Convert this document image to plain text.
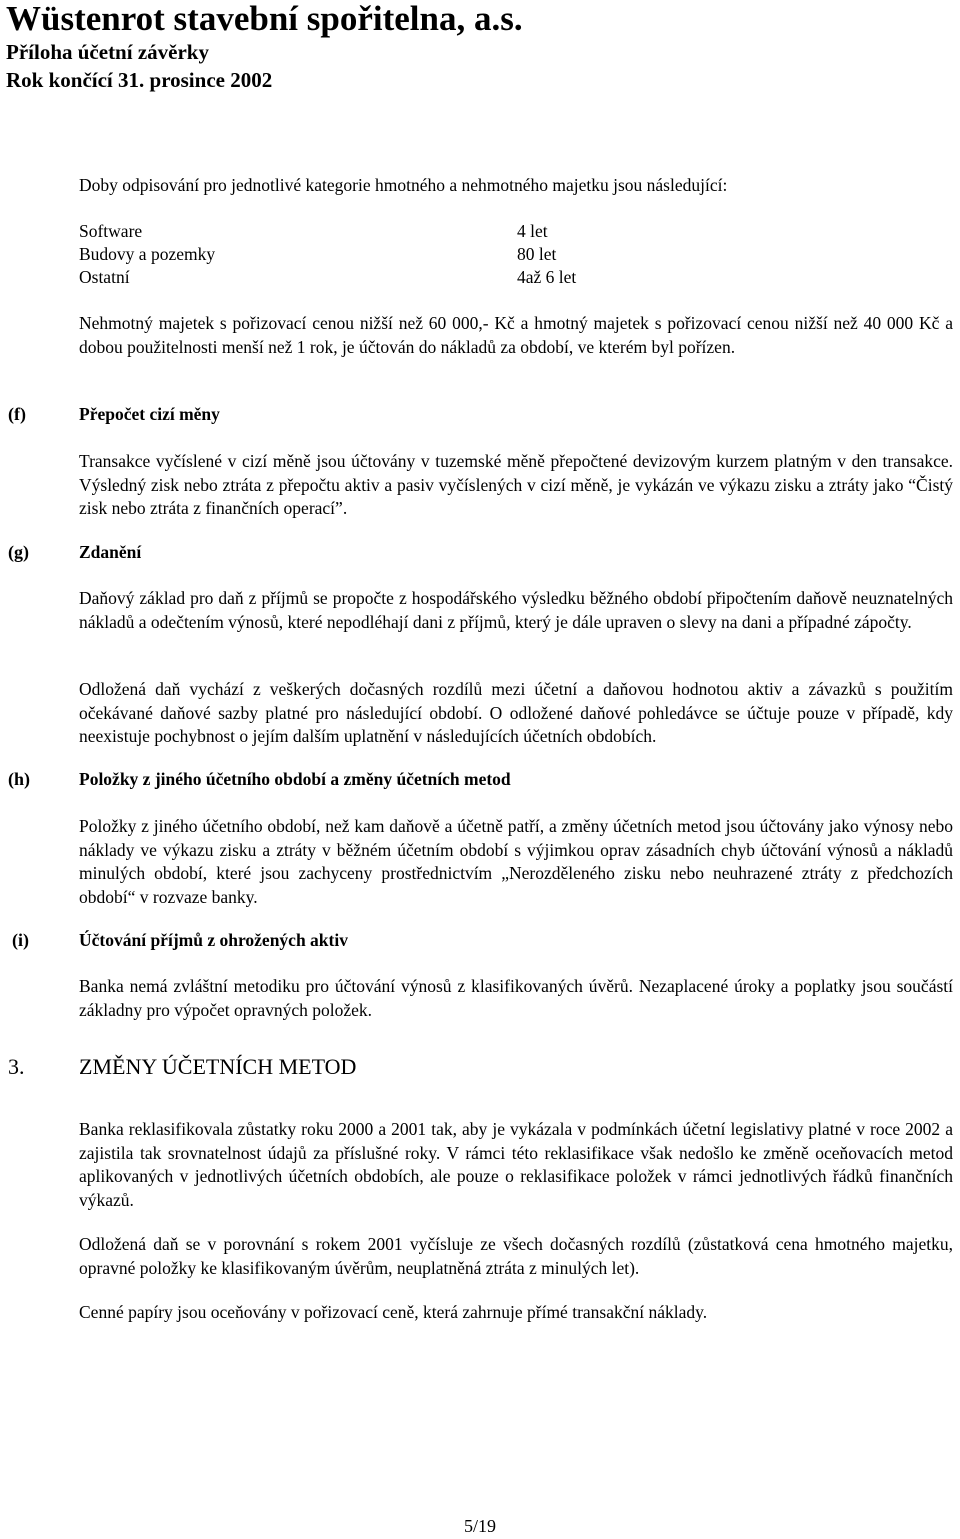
Wüstenrot stavební spořitelna, a.s.
Příloha účetní závěrky
Rok končící 31. prosince 2002
Doby odpisování pro jednotlivé kategorie hmotného a nehmotného majetku jsou následující:
Software	4 let
Budovy a pozemky	80 let
Ostatní	4až 6 let
Nehmotný majetek s pořizovací cenou nižší než 60 000,- Kč a hmotný majetek s pořizovací cenou nižší než 40 000 Kč a dobou použitelnosti menší než 1 rok, je účtován do nákladů za období, ve kterém byl pořízen.
(f)	Přepočet cizí měny
Transakce vyčíslené v cizí měně jsou účtovány v tuzemské měně přepočtené devizovým kurzem platným v den transakce. Výsledný zisk nebo ztráta z přepočtu aktiv a pasiv vyčíslených v cizí měně, je vykázán ve výkazu zisku a ztráty jako “Čistý zisk nebo ztráta z finančních operací”.
(g)	Zdanění
Daňový základ pro daň z příjmů se propočte z hospodářského výsledku běžného období připočtením daňově neuznatelných nákladů a odečtením výnosů, které nepodléhají dani z příjmů, který je dále upraven o slevy na dani a případné zápočty.
Odložená daň vychází z veškerých dočasných rozdílů mezi účetní a daňovou hodnotou aktiv a závazků s použitím očekávané daňové sazby platné pro následující období. O odložené daňové pohledávce se účtuje pouze v případě, kdy neexistuje pochybnost o jejím dalším uplatnění v následujících účetních obdobích.
(h)	Položky z jiného účetního období a změny účetních metod
Položky z jiného účetního období, než kam daňově a účetně patří, a změny účetních metod jsou účtovány jako výnosy nebo náklady ve výkazu zisku a ztráty v běžném účetním období s výjimkou oprav zásadních chyb účtování výnosů a nákladů minulých období, které jsou zachyceny prostřednictvím „Nerozděleného zisku nebo neuhrazené ztráty z předchozích období“ v rozvaze banky.
(i)	Účtování příjmů z ohrožených aktiv
Banka nemá zvláštní metodiku pro účtování výnosů z klasifikovaných úvěrů. Nezaplacené úroky a poplatky jsou součástí základny pro výpočet opravných položek.
3. ZMĚNY ÚČETNÍCH METOD
Banka reklasifikovala zůstatky roku 2000 a 2001 tak, aby je vykázala v podmínkách účetní legislativy platné v roce 2002 a zajistila tak srovnatelnost údajů za příslušné roky. V rámci této reklasifikace však nedošlo ke změně oceňovacích metod aplikovaných v jednotlivých účetních obdobích, ale pouze o reklasifikace položek v rámci jednotlivých řádků finančních výkazů.
Odložená daň se v porovnání s rokem 2001 vyčísluje ze všech dočasných rozdílů (zůstatková cena hmotného majetku, opravné položky ke klasifikovaným úvěrům, neuplatněná ztráta z minulých let).
Cenné papíry jsou oceňovány v pořizovací ceně, která zahrnuje přímé transakční náklady.
5/19
